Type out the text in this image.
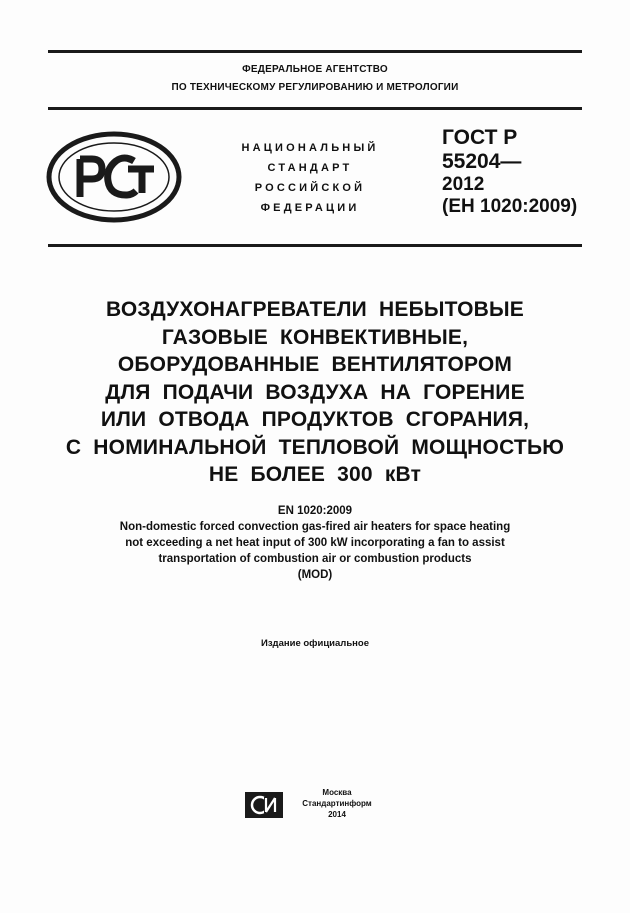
ФЕДЕРАЛЬНОЕ АГЕНТСТВО
ПО ТЕХНИЧЕСКОМУ РЕГУЛИРОВАНИЮ И МЕТРОЛОГИИ
НАЦИОНАЛЬНЫЙ
СТАНДАРТ
РОССИЙСКОЙ
ФЕДЕРАЦИИ
ГОСТ Р
55204—
2012
(ЕН 1020:2009)
ВОЗДУХОНАГРЕВАТЕЛИ НЕБЫТОВЫЕ
ГАЗОВЫЕ КОНВЕКТИВНЫЕ,
ОБОРУДОВАННЫЕ ВЕНТИЛЯТОРОМ
ДЛЯ ПОДАЧИ ВОЗДУХА НА ГОРЕНИЕ
ИЛИ ОТВОДА ПРОДУКТОВ СГОРАНИЯ,
С НОМИНАЛЬНОЙ ТЕПЛОВОЙ МОЩНОСТЬЮ
НЕ БОЛЕЕ 300 кВт
EN 1020:2009
Non-domestic forced convection gas-fired air heaters for space heating
not exceeding a net heat input of 300 kW incorporating a fan to assist
transportation of combustion air or combustion products
(MOD)
Издание официальное
Москва
Стандартинформ
2014
